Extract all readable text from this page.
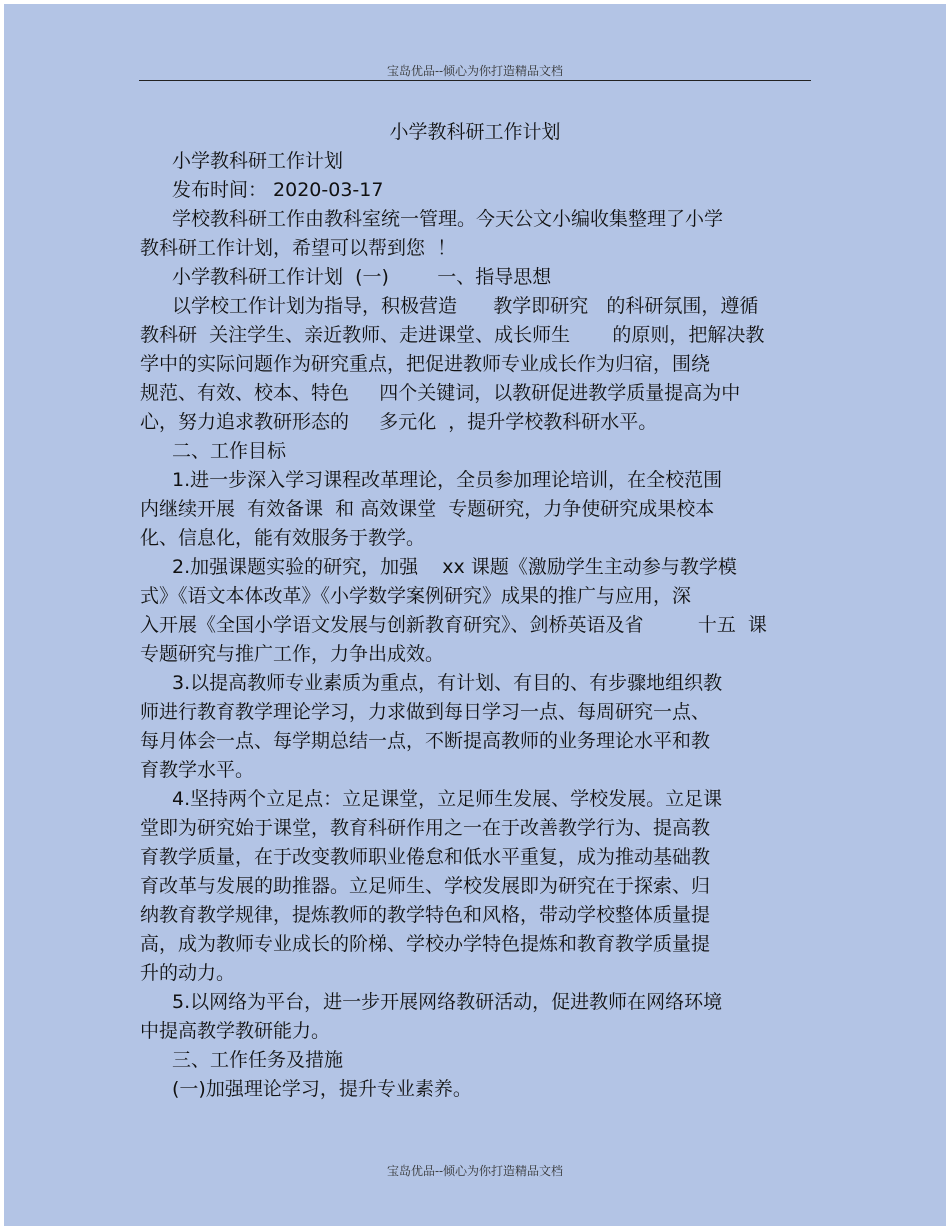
宝岛优品--倾心为你打造精品文档
小学教科研工作计划
小学教科研工作计划
发布时间： 2020-03-17
学校教科研工作由教科室统一管理。今天公文小编收集整理了小学
教科研工作计划，希望可以帮到您  ！
小学教科研工作计划  (一)        一、指导思想
以学校工作计划为指导，积极营造      教学即研究   的科研氛围，遵循
教科研  关注学生、亲近教师、走进课堂、成长师生       的原则，把解决教
学中的实际问题作为研究重点，把促进教师专业成长作为归宿，围绕
规范、有效、校本、特色     四个关键词，以教研促进教学质量提高为中
心，努力追求教研形态的     多元化  ，提升学校教科研水平。
二、工作目标
1.进一步深入学习课程改革理论，全员参加理论培训，在全校范围
内继续开展  有效备课  和 高效课堂  专题研究，力争使研究成果校本
化、信息化，能有效服务于教学。
2.加强课题实验的研究，加强    xx 课题《激励学生主动参与教学模
式》《语文本体改革》《小学数学案例研究》成果的推广与应用，深
入开展《全国小学语文发展与创新教育研究》、剑桥英语及省         十五  课
专题研究与推广工作，力争出成效。
3.以提高教师专业素质为重点，有计划、有目的、有步骤地组织教
师进行教育教学理论学习，力求做到每日学习一点、每周研究一点、
每月体会一点、每学期总结一点，不断提高教师的业务理论水平和教
育教学水平。
4.坚持两个立足点：立足课堂，立足师生发展、学校发展。立足课
堂即为研究始于课堂，教育科研作用之一在于改善教学行为、提高教
育教学质量，在于改变教师职业倦怠和低水平重复，成为推动基础教
育改革与发展的助推器。立足师生、学校发展即为研究在于探索、归
纳教育教学规律，提炼教师的教学特色和风格，带动学校整体质量提
高，成为教师专业成长的阶梯、学校办学特色提炼和教育教学质量提
升的动力。
5.以网络为平台，进一步开展网络教研活动，促进教师在网络环境
中提高教学教研能力。
三、工作任务及措施
(一)加强理论学习，提升专业素养。
宝岛优品--倾心为你打造精品文档
